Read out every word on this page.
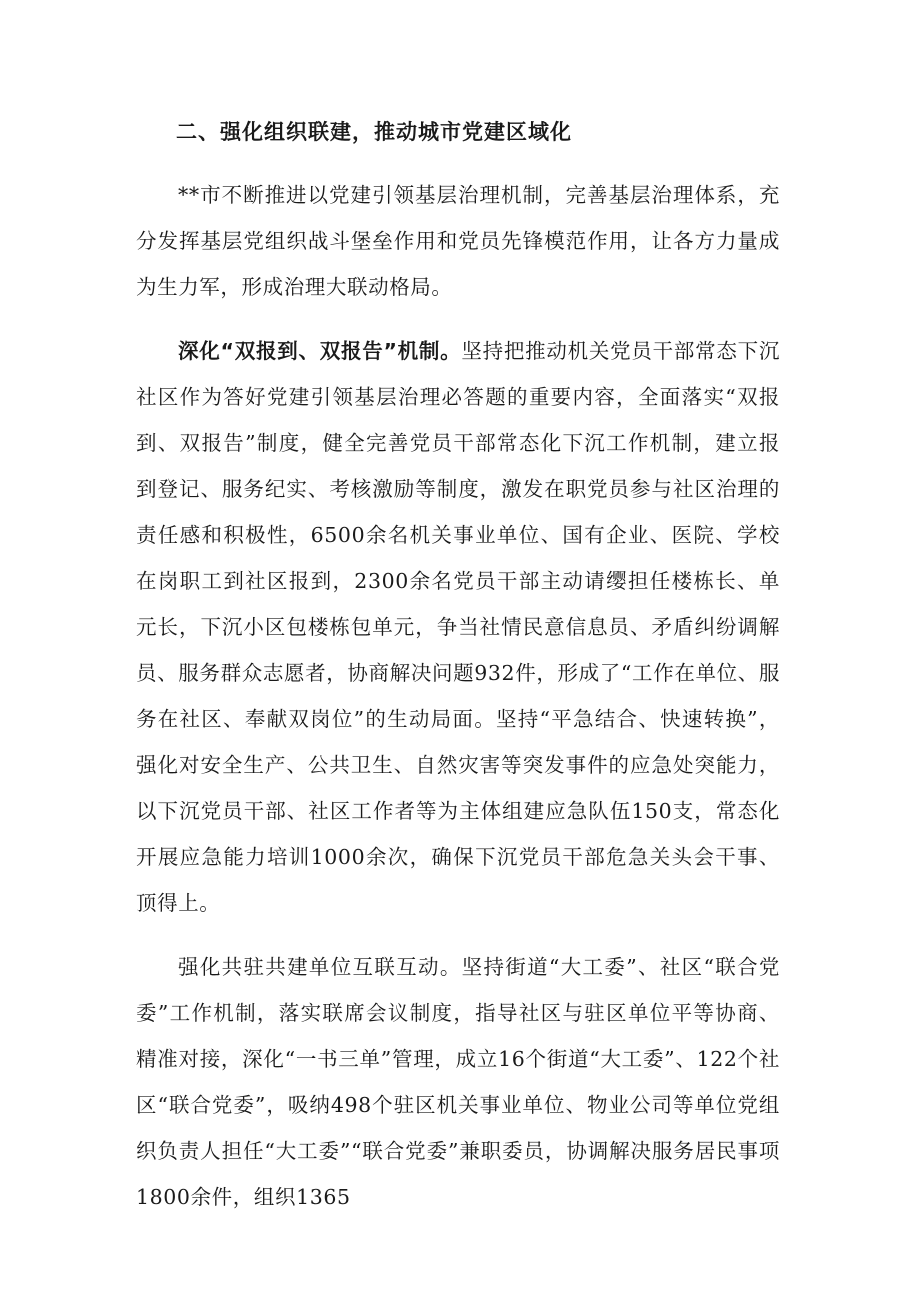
二、强化组织联建，推动城市党建区域化

**市不断推进以党建引领基层治理机制，完善基层治理体系，充分发挥基层党组织战斗堡垒作用和党员先锋模范作用，让各方力量成为生力军，形成治理大联动格局。

深化“双报到、双报告”机制。坚持把推动机关党员干部常态下沉社区作为答好党建引领基层治理必答题的重要内容，全面落实“双报到、双报告”制度，健全完善党员干部常态化下沉工作机制，建立报到登记、服务纪实、考核激励等制度，激发在职党员参与社区治理的责任感和积极性，6500余名机关事业单位、国有企业、医院、学校在岗职工到社区报到，2300余名党员干部主动请缨担任楼栋长、单元长，下沉小区包楼栋包单元，争当社情民意信息员、矛盾纠纷调解员、服务群众志愿者，协商解决问题932件，形成了“工作在单位、服务在社区、奉献双岗位”的生动局面。坚持“平急结合、快速转换”，强化对安全生产、公共卫生、自然灾害等突发事件的应急处突能力，以下沉党员干部、社区工作者等为主体组建应急队伍150支，常态化开展应急能力培训1000余次，确保下沉党员干部危急关头会干事、顶得上。

强化共驻共建单位互联互动。坚持街道“大工委”、社区“联合党委”工作机制，落实联席会议制度，指导社区与驻区单位平等协商、精准对接，深化“一书三单”管理，成立16个街道“大工委”、122个社区“联合党委”，吸纳498个驻区机关事业单位、物业公司等单位党组织负责人担任“大工委”“联合党委”兼职委员，协调解决服务居民事项1800余件，组织1365
